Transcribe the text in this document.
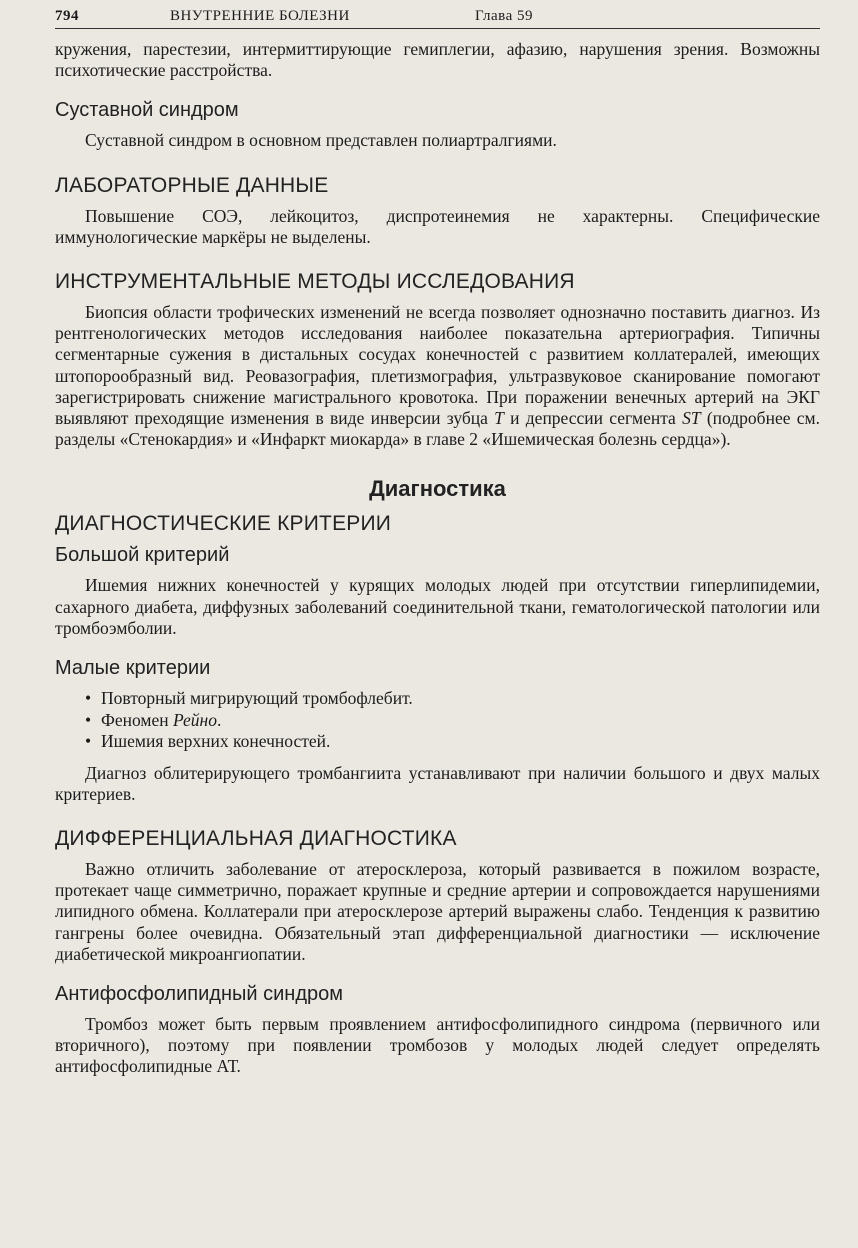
794	ВНУТРЕННИЕ БОЛЕЗНИ	Глава 59

кружения, парестезии, интермиттирующие гемиплегии, афазию, нарушения зрения. Возможны психотические расстройства.

Суставной синдром

Суставной синдром в основном представлен полиартралгиями.

ЛАБОРАТОРНЫЕ ДАННЫЕ

Повышение СОЭ, лейкоцитоз, диспротеинемия не характерны. Специфические иммунологические маркёры не выделены.

ИНСТРУМЕНТАЛЬНЫЕ МЕТОДЫ ИССЛЕДОВАНИЯ

Биопсия области трофических изменений не всегда позволяет однозначно поставить диагноз. Из рентгенологических методов исследования наиболее показательна артериография. Типичны сегментарные сужения в дистальных сосудах конечностей с развитием коллатералей, имеющих штопорообразный вид. Реовазография, плетизмография, ультразвуковое сканирование помогают зарегистрировать снижение магистрального кровотока. При поражении венечных артерий на ЭКГ выявляют преходящие изменения в виде инверсии зубца T и депрессии сегмента ST (подробнее см. разделы «Стенокардия» и «Инфаркт миокарда» в главе 2 «Ишемическая болезнь сердца»).

Диагностика
ДИАГНОСТИЧЕСКИЕ КРИТЕРИИ
Большой критерий

Ишемия нижних конечностей у курящих молодых людей при отсутствии гиперлипидемии, сахарного диабета, диффузных заболеваний соединительной ткани, гематологической патологии или тромбоэмболии.

Малые критерии
• Повторный мигрирующий тромбофлебит.
• Феномен Рейно.
• Ишемия верхних конечностей.

Диагноз облитерирующего тромбангиита устанавливают при наличии большого и двух малых критериев.

ДИФФЕРЕНЦИАЛЬНАЯ ДИАГНОСТИКА

Важно отличить заболевание от атеросклероза, который развивается в пожилом возрасте, протекает чаще симметрично, поражает крупные и средние артерии и сопровождается нарушениями липидного обмена. Коллатерали при атеросклерозе артерий выражены слабо. Тенденция к развитию гангрены более очевидна. Обязательный этап дифференциальной диагностики — исключение диабетической микроангиопатии.

Антифосфолипидный синдром

Тромбоз может быть первым проявлением антифосфолипидного синдрома (первичного или вторичного), поэтому при появлении тромбозов у молодых людей следует определять антифосфолипидные АТ.
